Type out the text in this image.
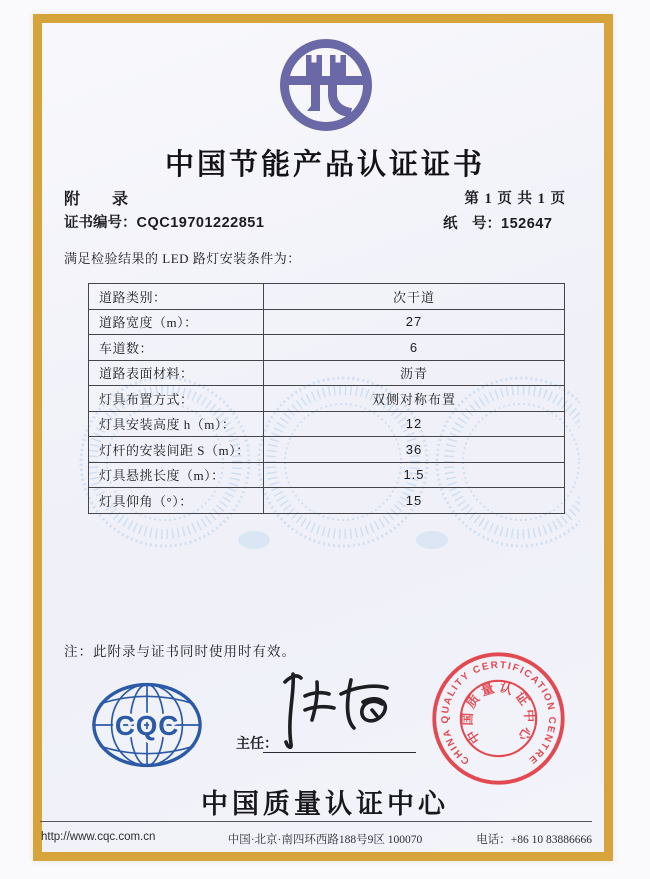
中国节能产品认证证书
附　　录	第 1 页 共 1 页
证书编号：CQC19701222851	纸　号：152647
满足检验结果的 LED 路灯安装条件为：
道路类别：	次干道
道路宽度（m）：	27
车道数：	6
道路表面材料：	沥青
灯具布置方式：	双侧对称布置
灯具安装高度 h（m）：	12
灯杆的安装间距 S（m）：	36
灯具悬挑长度（m）：	1.5
灯具仰角（°）：	15
注：此附录与证书同时使用时有效。
CQC
主任：
CHINA QUALITY CERTIFICATION CENTRE
中国质量认证中心
中国质量认证中心
http://www.cqc.com.cn	中国·北京·南四环西路188号9区 100070	电话：+86 10 83886666
